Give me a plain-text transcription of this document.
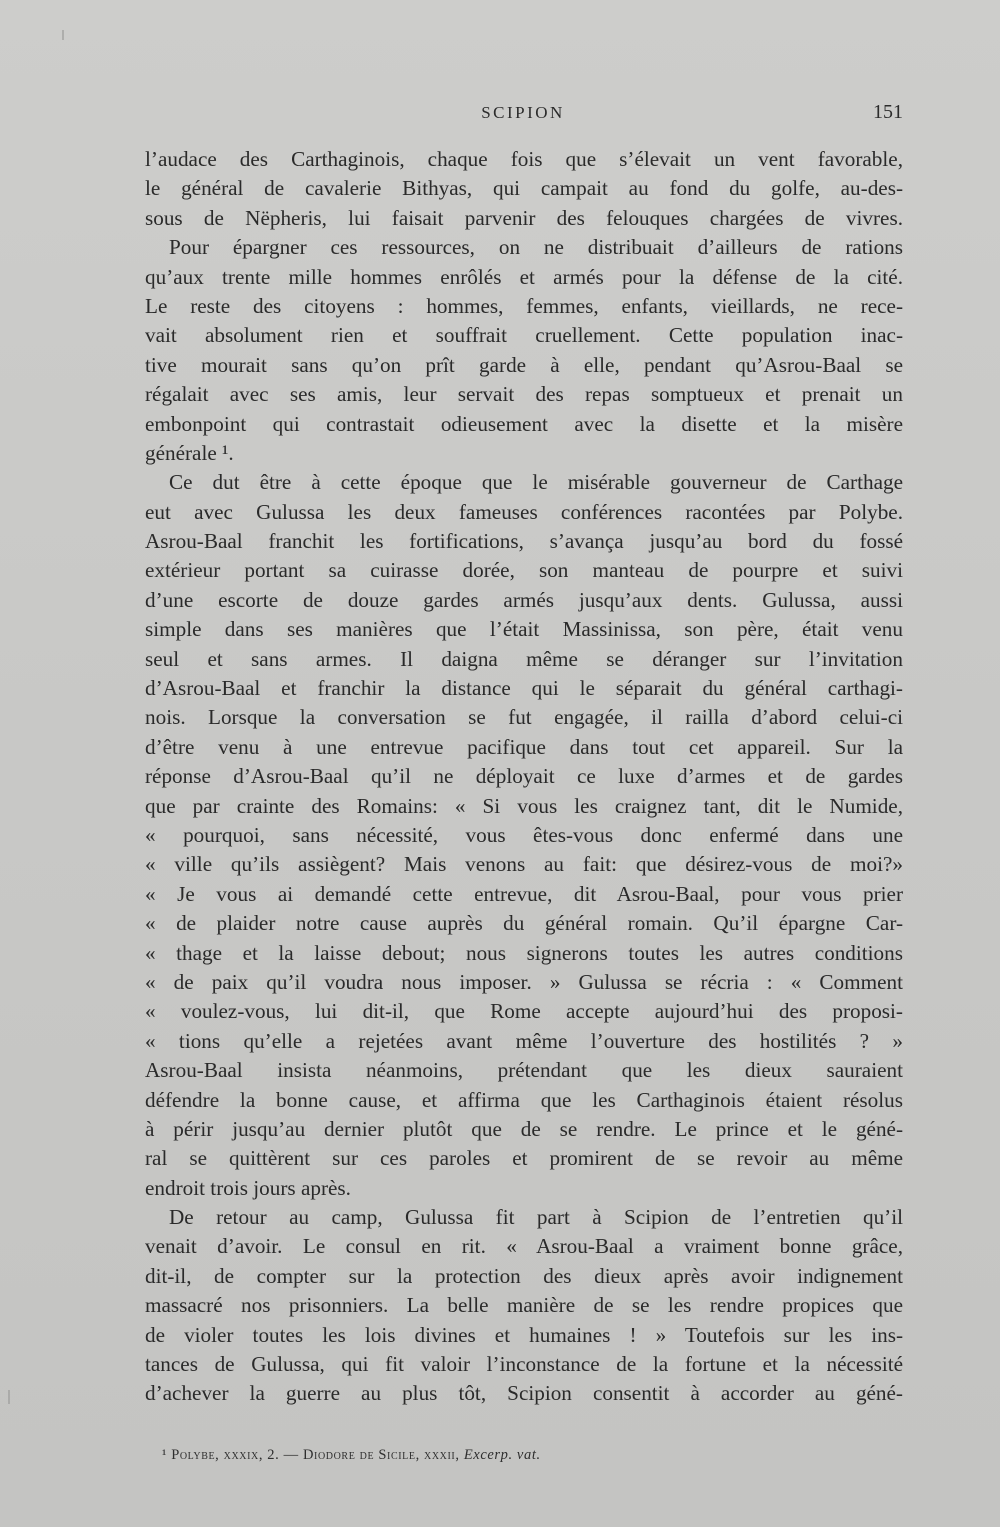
SCIPION	151
l’audace des Carthaginois, chaque fois que s’élevait un vent favorable,
le général de cavalerie Bithyas, qui campait au fond du golfe, au-des-
sous de Nëpheris, lui faisait parvenir des felouques chargées de vivres.
Pour épargner ces ressources, on ne distribuait d’ailleurs de rations
qu’aux trente mille hommes enrôlés et armés pour la défense de la cité.
Le reste des citoyens : hommes, femmes, enfants, vieillards, ne rece-
vait absolument rien et souffrait cruellement. Cette population inac-
tive mourait sans qu’on prît garde à elle, pendant qu’Asrou-Baal se
régalait avec ses amis, leur servait des repas somptueux et prenait un
embonpoint qui contrastait odieusement avec la disette et la misère
générale ¹.
Ce dut être à cette époque que le misérable gouverneur de Carthage
eut avec Gulussa les deux fameuses conférences racontées par Polybe.
Asrou-Baal franchit les fortifications, s’avança jusqu’au bord du fossé
extérieur portant sa cuirasse dorée, son manteau de pourpre et suivi
d’une escorte de douze gardes armés jusqu’aux dents. Gulussa, aussi
simple dans ses manières que l’était Massinissa, son père, était venu
seul et sans armes. Il daigna même se déranger sur l’invitation
d’Asrou-Baal et franchir la distance qui le séparait du général carthagi-
nois. Lorsque la conversation se fut engagée, il railla d’abord celui-ci
d’être venu à une entrevue pacifique dans tout cet appareil. Sur la
réponse d’Asrou-Baal qu’il ne déployait ce luxe d’armes et de gardes
que par crainte des Romains: « Si vous les craignez tant, dit le Numide,
« pourquoi, sans nécessité, vous êtes-vous donc enfermé dans une
« ville qu’ils assiègent? Mais venons au fait: que désirez-vous de moi?»
« Je vous ai demandé cette entrevue, dit Asrou-Baal, pour vous prier
« de plaider notre cause auprès du général romain. Qu’il épargne Car-
« thage et la laisse debout; nous signerons toutes les autres conditions
« de paix qu’il voudra nous imposer. » Gulussa se récria : « Comment
« voulez-vous, lui dit-il, que Rome accepte aujourd’hui des proposi-
« tions qu’elle a rejetées avant même l’ouverture des hostilités ? »
Asrou-Baal insista néanmoins, prétendant que les dieux sauraient
défendre la bonne cause, et affirma que les Carthaginois étaient résolus
à périr jusqu’au dernier plutôt que de se rendre. Le prince et le géné-
ral se quittèrent sur ces paroles et promirent de se revoir au même
endroit trois jours après.
De retour au camp, Gulussa fit part à Scipion de l’entretien qu’il
venait d’avoir. Le consul en rit. « Asrou-Baal a vraiment bonne grâce,
dit-il, de compter sur la protection des dieux après avoir indignement
massacré nos prisonniers. La belle manière de se les rendre propices que
de violer toutes les lois divines et humaines ! » Toutefois sur les ins-
tances de Gulussa, qui fit valoir l’inconstance de la fortune et la nécessité
d’achever la guerre au plus tôt, Scipion consentit à accorder au géné-
¹ Polybe, xxxix, 2. — Diodore de Sicile, xxxii, Excerp. vat.
